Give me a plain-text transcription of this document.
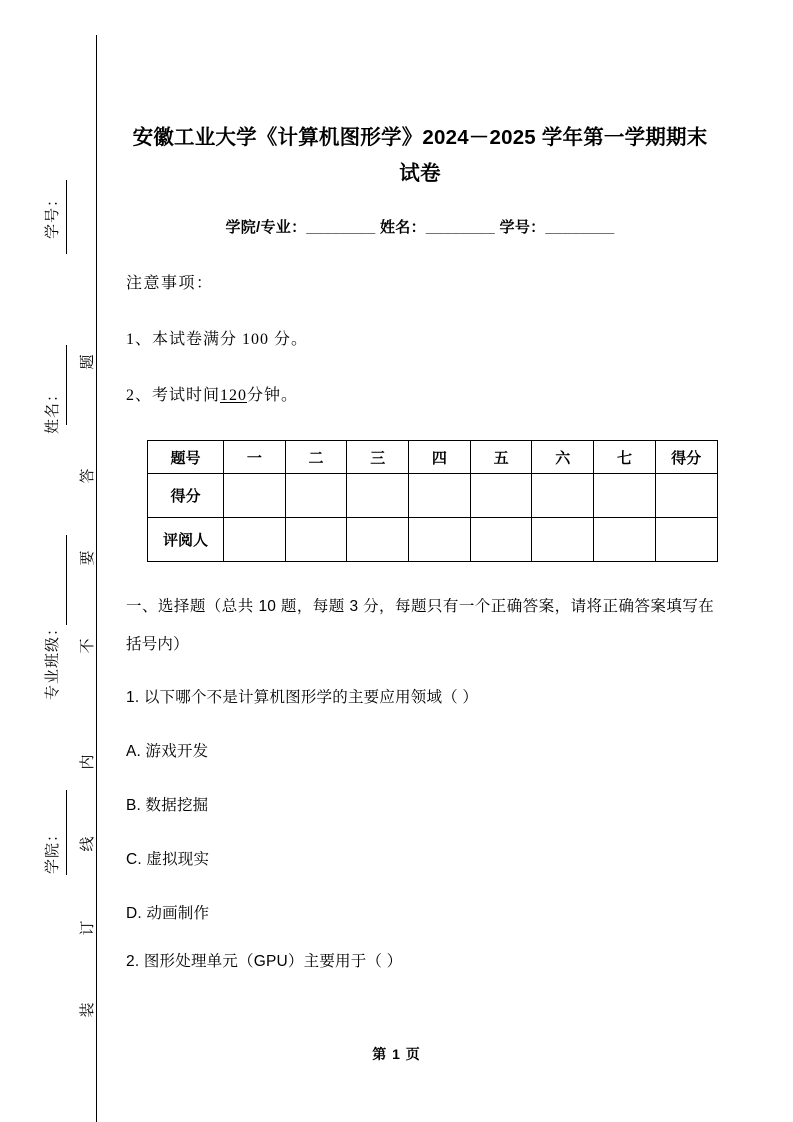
学号：
姓名：
专业班级：
学院：
题
答
要
不
内
线
订
装
安徽工业大学《计算机图形学》2024－2025 学年第一学期期末试卷

学院/专业：________ 姓名：________ 学号：________

注意事项：

1、本试卷满分 100 分。

2、考试时间120分钟。

题号	一	二	三	四	五	六	七	得分
得分								
评阅人								

一、选择题（总共 10 题，每题 3 分，每题只有一个正确答案，请将正确答案填写在括号内）

1. 以下哪个不是计算机图形学的主要应用领域（ ）

A. 游戏开发

B. 数据挖掘

C. 虚拟现实

D. 动画制作

2. 图形处理单元（GPU）主要用于（ ）

第 1 页
